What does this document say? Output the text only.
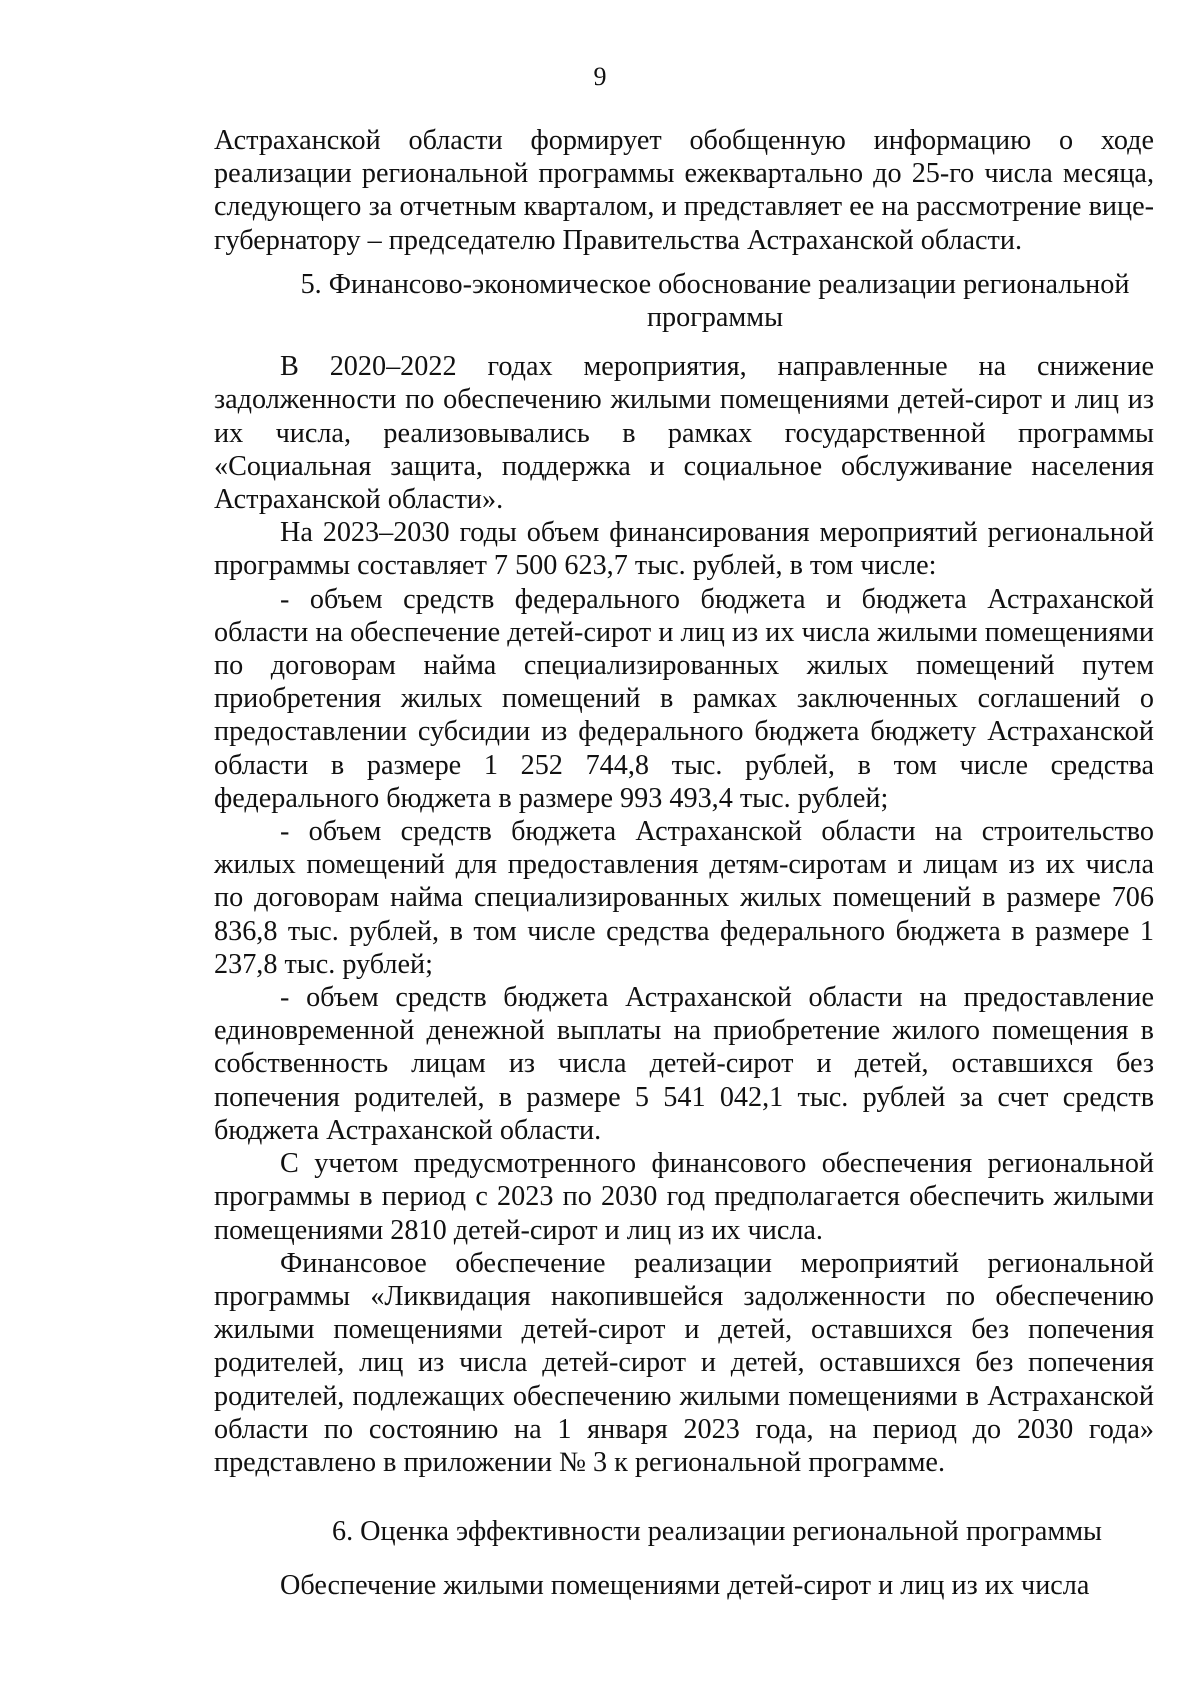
9

Астраханской области формирует обобщенную информацию о ходе реализации региональной программы ежеквартально до 25-го числа месяца, следующего за отчетным кварталом, и представляет ее на рассмотрение вице-губернатору – председателю Правительства Астраханской области.

5. Финансово-экономическое обоснование реализации региональной программы

В 2020–2022 годах мероприятия, направленные на снижение задолженности по обеспечению жилыми помещениями детей-сирот и лиц из их числа, реализовывались в рамках государственной программы «Социальная защита, поддержка и социальное обслуживание населения Астраханской области».

На 2023–2030 годы объем финансирования мероприятий региональной программы составляет 7 500 623,7 тыс. рублей, в том числе:

- объем средств федерального бюджета и бюджета Астраханской области на обеспечение детей-сирот и лиц из их числа жилыми помещениями по договорам найма специализированных жилых помещений путем приобретения жилых помещений в рамках заключенных соглашений о предоставлении субсидии из федерального бюджета бюджету Астраханской области в размере 1 252 744,8 тыс. рублей, в том числе средства федерального бюджета в размере 993 493,4 тыс. рублей;

- объем средств бюджета Астраханской области на строительство жилых помещений для предоставления детям-сиротам и лицам из их числа по договорам найма специализированных жилых помещений в размере 706 836,8 тыс. рублей, в том числе средства федерального бюджета в размере 1 237,8 тыс. рублей;

- объем средств бюджета Астраханской области на предоставление единовременной денежной выплаты на приобретение жилого помещения в собственность лицам из числа детей-сирот и детей, оставшихся без попечения родителей, в размере 5 541 042,1 тыс. рублей за счет средств бюджета Астраханской области.

С учетом предусмотренного финансового обеспечения региональной программы в период с 2023 по 2030 год предполагается обеспечить жилыми помещениями 2810 детей-сирот и лиц из их числа.

Финансовое обеспечение реализации мероприятий региональной программы «Ликвидация накопившейся задолженности по обеспечению жилыми помещениями детей-сирот и детей, оставшихся без попечения родителей, лиц из числа детей-сирот и детей, оставшихся без попечения родителей, подлежащих обеспечению жилыми помещениями в Астраханской области по состоянию на 1 января 2023 года, на период до 2030 года» представлено в приложении № 3 к региональной программе.

6. Оценка эффективности реализации региональной программы

Обеспечение жилыми помещениями детей-сирот и лиц из их числа
